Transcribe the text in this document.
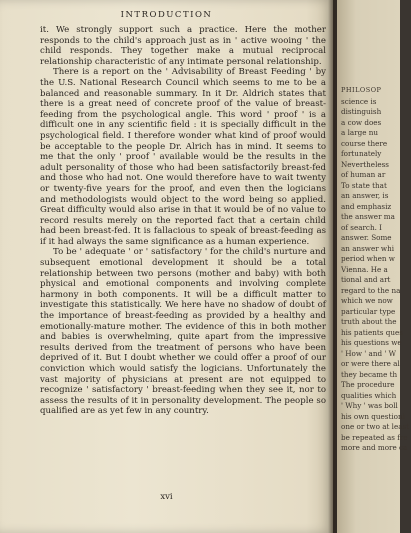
INTRODUCTION

it. We strongly support such a practice. Here the mother responds to the child's approach just as in ' active wooing ' the child responds. They together make a mutual reciprocal relationship characteristic of any intimate personal relationship.

There is a report on the ' Advisability of Breast Feeding ' by the U.S. National Research Council which seems to me to be a balanced and reasonable summary. In it Dr. Aldrich states that there is a great need of concrete proof of the value of breast-feeding from the psychological angle. This word ' proof ' is a difficult one in any scientific field : it is specially difficult in the psychological field. I therefore wonder what kind of proof would be acceptable to the people Dr. Alrich has in mind. It seems to me that the only ' proof ' available would be the results in the adult personality of those who had been satisfactorily breast-fed and those who had not. One would therefore have to wait twenty or twenty-five years for the proof, and even then the logicians and methodologists would object to the word being so applied. Great difficulty would also arise in that it would be of no value to record results merely on the reported fact that a certain child had been breast-fed. It is fallacious to speak of breast-feeding as if it had always the same significance as a human experience.

To be ' adequate ' or ' satisfactory ' for the child's nurture and subsequent emotional development it should be a total relationship between two persons (mother and baby) with both physical and emotional components and involving complete harmony in both components. It will be a difficult matter to investigate this statistically. We here have no shadow of doubt of the importance of breast-feeding as provided by a healthy and emotionally-mature mother. The evidence of this in both mother and babies is overwhelming, quite apart from the impressive results derived from the treatment of persons who have been deprived of it. But I doubt whether we could offer a proof of our conviction which would satisfy the logicians. Unfortunately the vast majority of physicians at present are not equipped to recognize ' satisfactory ' breast-feeding when they see it, nor to assess the results of it in personality development. The people so qualified are as yet few in any country.

xvi
PHILOSOP
science is
distinguish
a cow does
a large nu
course there
fortunately
Nevertheless
of human ar
To state that
an answer, is
and emphasiz
the answer ma
of search. I
answer. Some
an answer whi
period when w
Vienna. He a
tional and art
regard to the na
which we now
particular type
truth about the
his patients ques
his questions we
' How ' and ' W
or were there al
they became th
The procedure
qualities which
' Why ' was boll
his own questioni
one or two at least
be repeated as fre
more and more ca
